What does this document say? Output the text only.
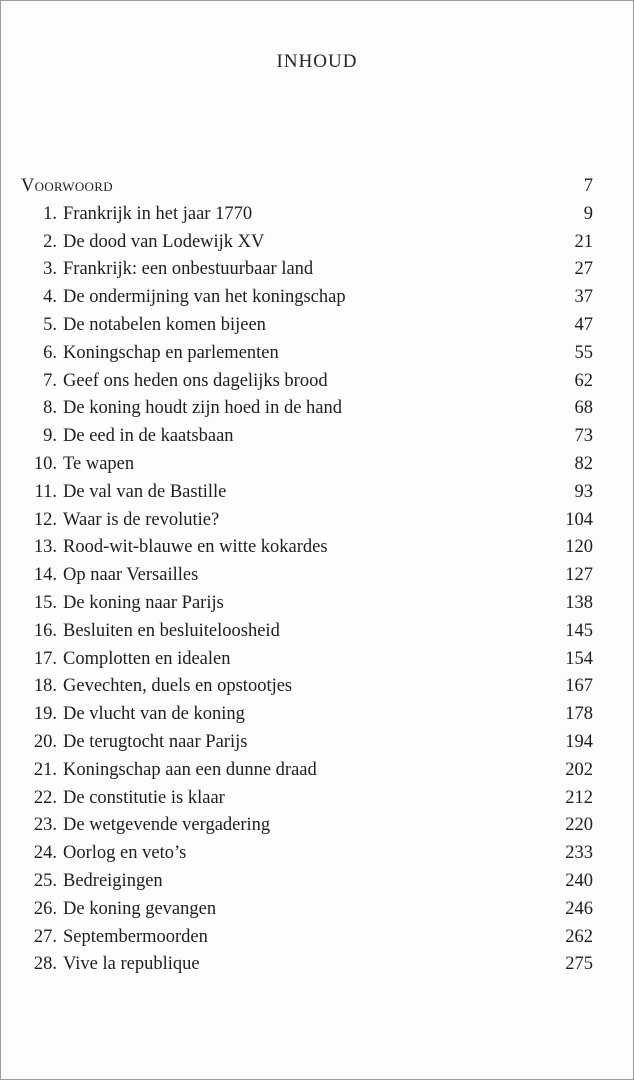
INHOUD
Voorwoord	7
1. Frankrijk in het jaar 1770	9
2. De dood van Lodewijk XV	21
3. Frankrijk: een onbestuurbaar land	27
4. De ondermijning van het koningschap	37
5. De notabelen komen bijeen	47
6. Koningschap en parlementen	55
7. Geef ons heden ons dagelijks brood	62
8. De koning houdt zijn hoed in de hand	68
9. De eed in de kaatsbaan	73
10. Te wapen	82
11. De val van de Bastille	93
12. Waar is de revolutie?	104
13. Rood-wit-blauwe en witte kokardes	120
14. Op naar Versailles	127
15. De koning naar Parijs	138
16. Besluiten en besluiteloosheid	145
17. Complotten en idealen	154
18. Gevechten, duels en opstootjes	167
19. De vlucht van de koning	178
20. De terugtocht naar Parijs	194
21. Koningschap aan een dunne draad	202
22. De constitutie is klaar	212
23. De wetgevende vergadering	220
24. Oorlog en veto’s	233
25. Bedreigingen	240
26. De koning gevangen	246
27. Septembermoorden	262
28. Vive la republique	275
